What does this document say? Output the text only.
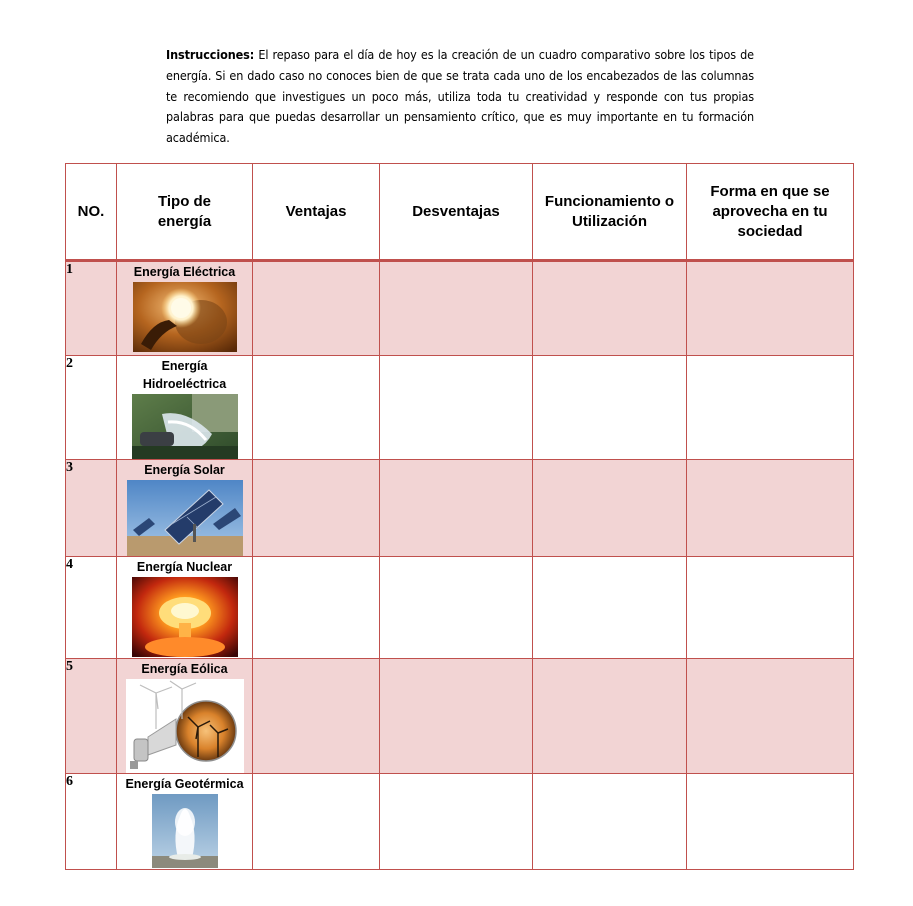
Instrucciones: El repaso para el día de hoy es la creación de un cuadro comparativo sobre los tipos de energía. Si en dado caso no conoces bien de que se trata cada uno de los encabezados de las columnas te recomiendo que investigues un poco más, utiliza toda tu creatividad y responde con tus propias palabras para que puedas desarrollar un pensamiento crítico, que es muy importante en tu formación académica.
NO.	Tipo de energía	Ventajas	Desventajas	Funcionamiento o Utilización	Forma en que se aprovecha en tu sociedad
1	Energía Eléctrica				

2	Energía Hidroeléctrica				

3	Energía Solar				

4	Energía Nuclear				

5	Energía Eólica				

6	Energía Geotérmica				
